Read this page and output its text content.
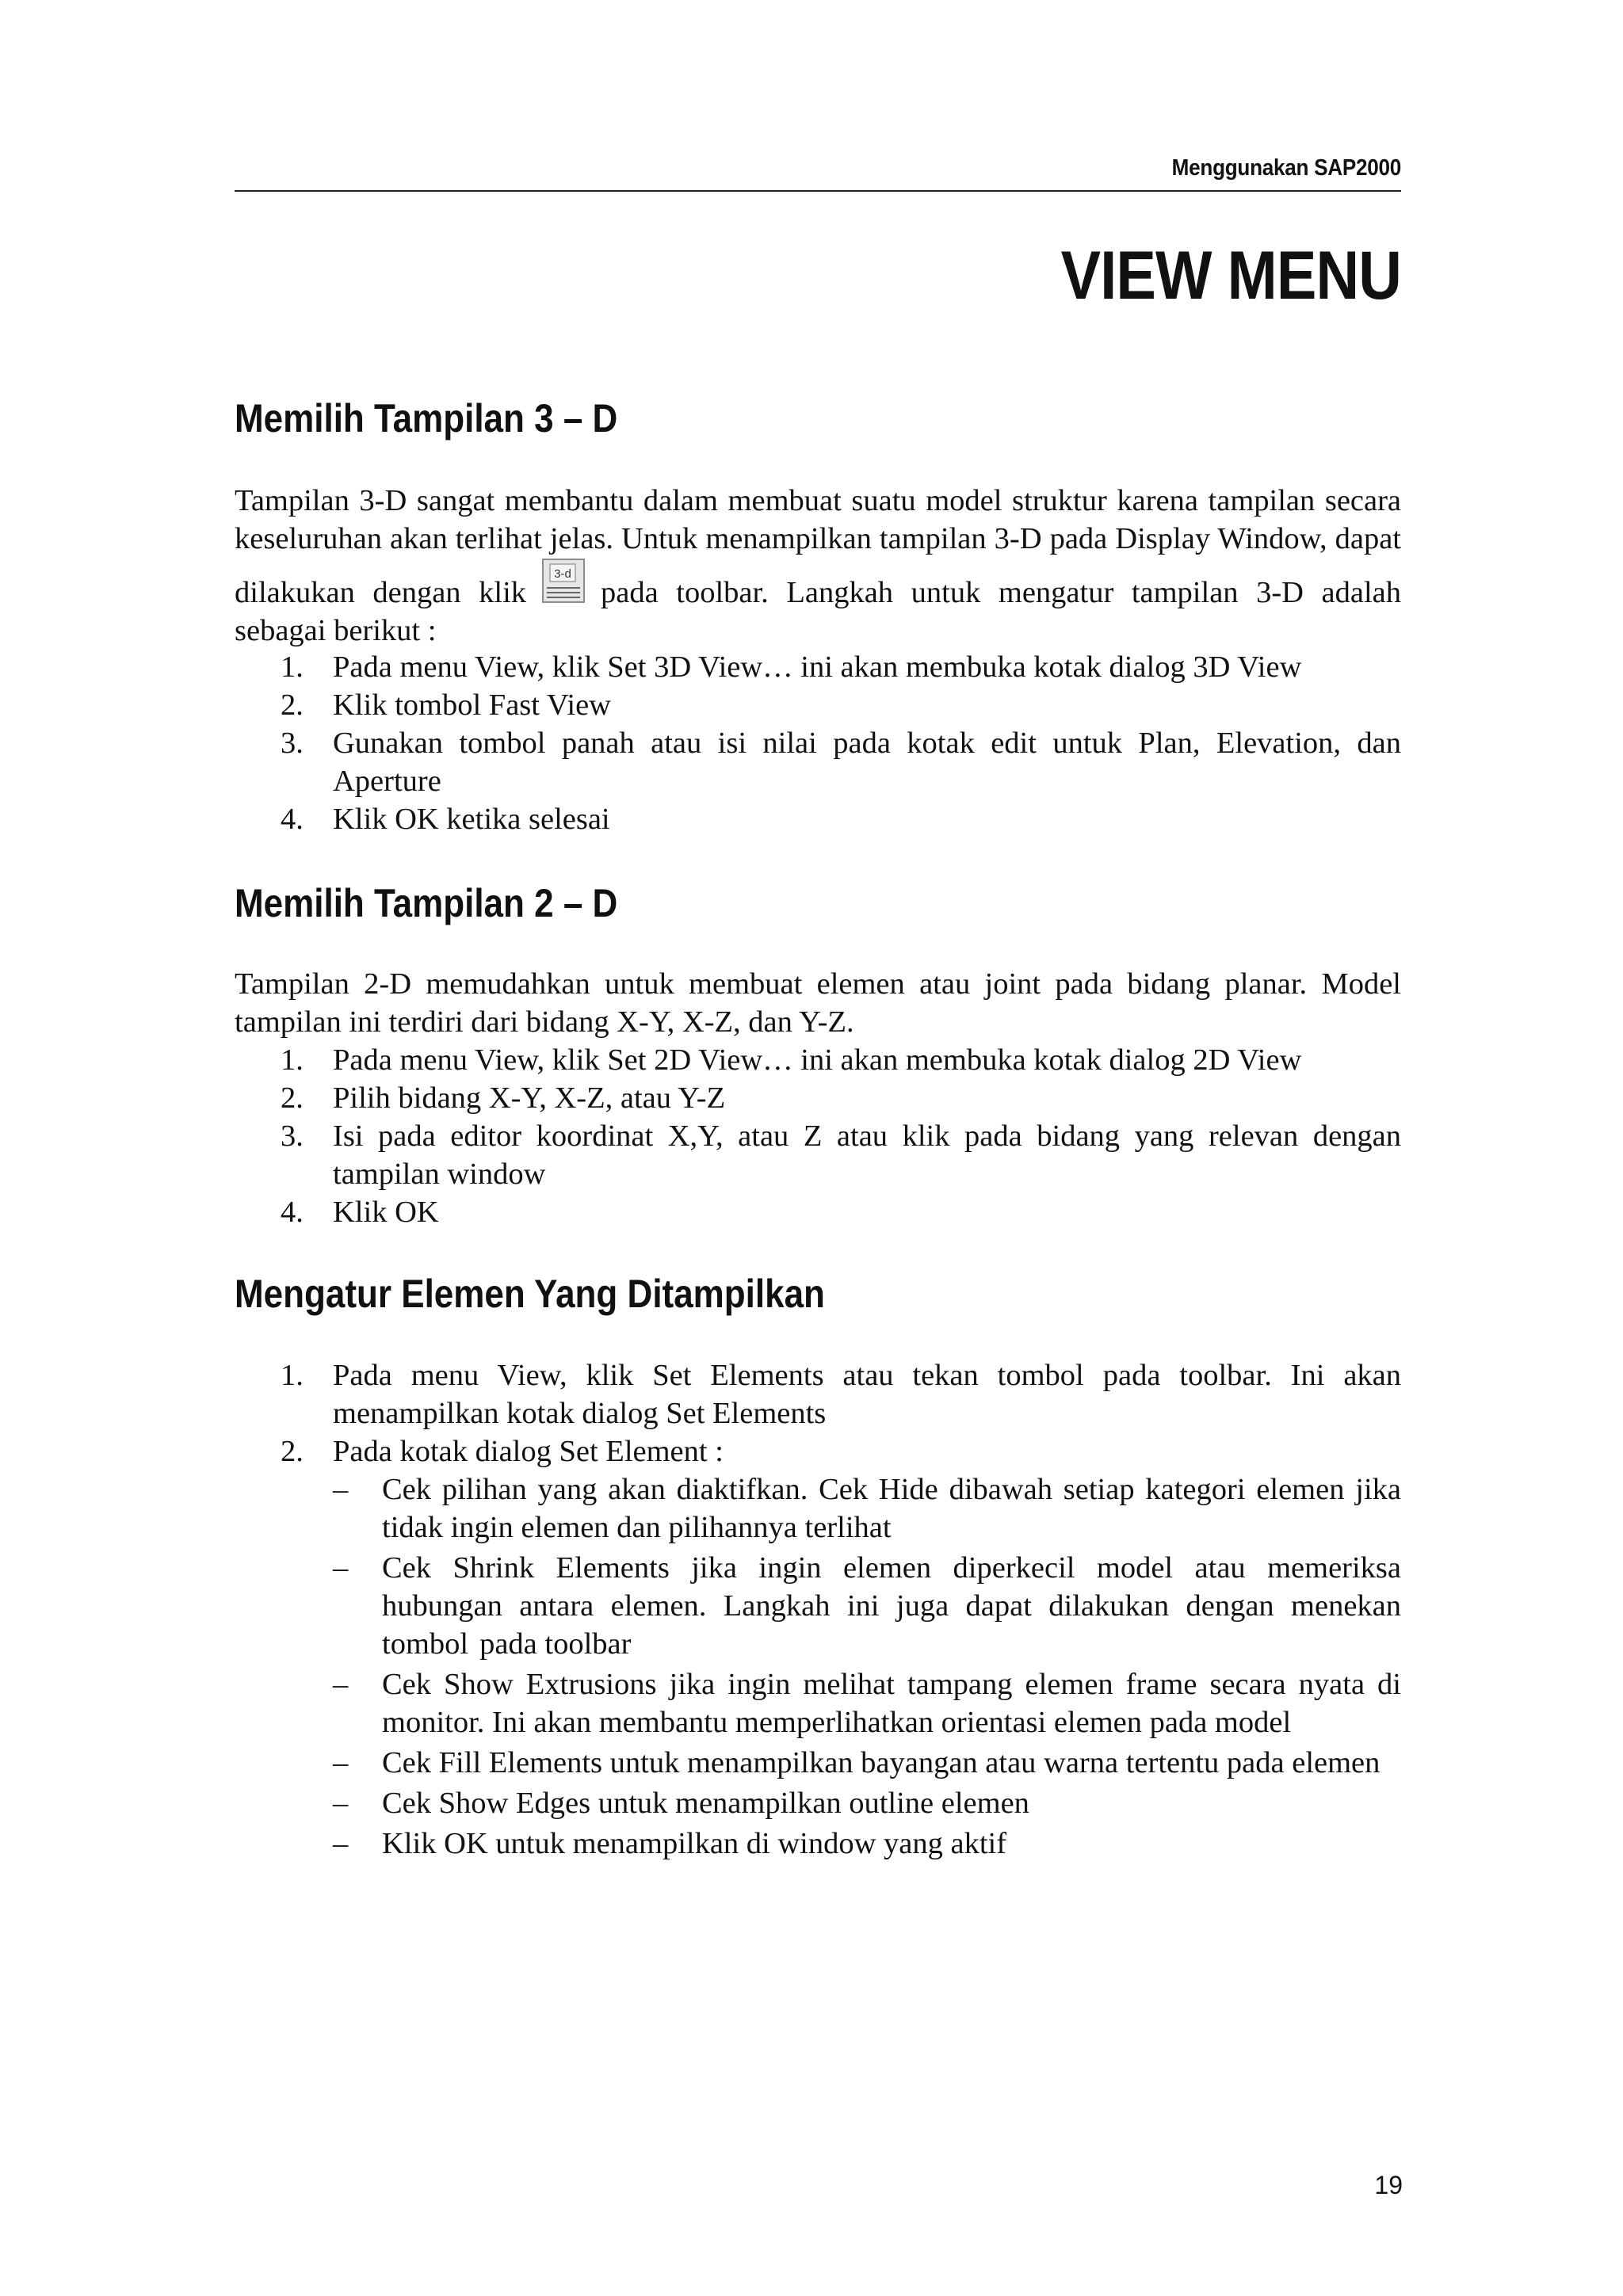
Menggunakan SAP2000
VIEW MENU
Memilih Tampilan 3 – D

Tampilan 3-D sangat membantu dalam membuat suatu model struktur karena tampilan secara keseluruhan akan terlihat jelas. Untuk menampilkan tampilan 3-D pada Display Window, dapat dilakukan dengan klik
3-d
pada toolbar. Langkah untuk mengatur tampilan 3-D adalah sebagai berikut :

1. Pada menu View, klik Set 3D View… ini akan membuka kotak dialog 3D View
2. Klik tombol Fast View
3. Gunakan tombol panah atau isi nilai pada kotak edit untuk Plan, Elevation, dan Aperture
4. Klik OK ketika selesai
Memilih Tampilan 2 – D

Tampilan 2-D memudahkan untuk membuat elemen atau joint pada bidang planar. Model tampilan ini terdiri dari bidang X-Y, X-Z, dan Y-Z.

1. Pada menu View, klik Set 2D View… ini akan membuka kotak dialog 2D View
2. Pilih bidang X-Y, X-Z, atau Y-Z
3. Isi pada editor koordinat X,Y, atau Z atau klik pada bidang yang relevan dengan tampilan window
4. Klik OK
Mengatur Elemen Yang Ditampilkan
1. Pada menu View, klik Set Elements atau tekan tombol pada toolbar. Ini akan menampilkan kotak dialog Set Elements
2. Pada kotak dialog Set Element :
– Cek pilihan yang akan diaktifkan. Cek Hide dibawah setiap kategori elemen jika tidak ingin elemen dan pilihannya terlihat
– Cek Shrink Elements jika ingin elemen diperkecil model atau memeriksa hubungan antara elemen. Langkah ini juga dapat dilakukan dengan menekan tombol pada toolbar
– Cek Show Extrusions jika ingin melihat tampang elemen frame secara nyata di monitor. Ini akan membantu memperlihatkan orientasi elemen pada model
– Cek Fill Elements untuk menampilkan bayangan atau warna tertentu pada elemen
– Cek Show Edges untuk menampilkan outline elemen
– Klik OK untuk menampilkan di window yang aktif
19
